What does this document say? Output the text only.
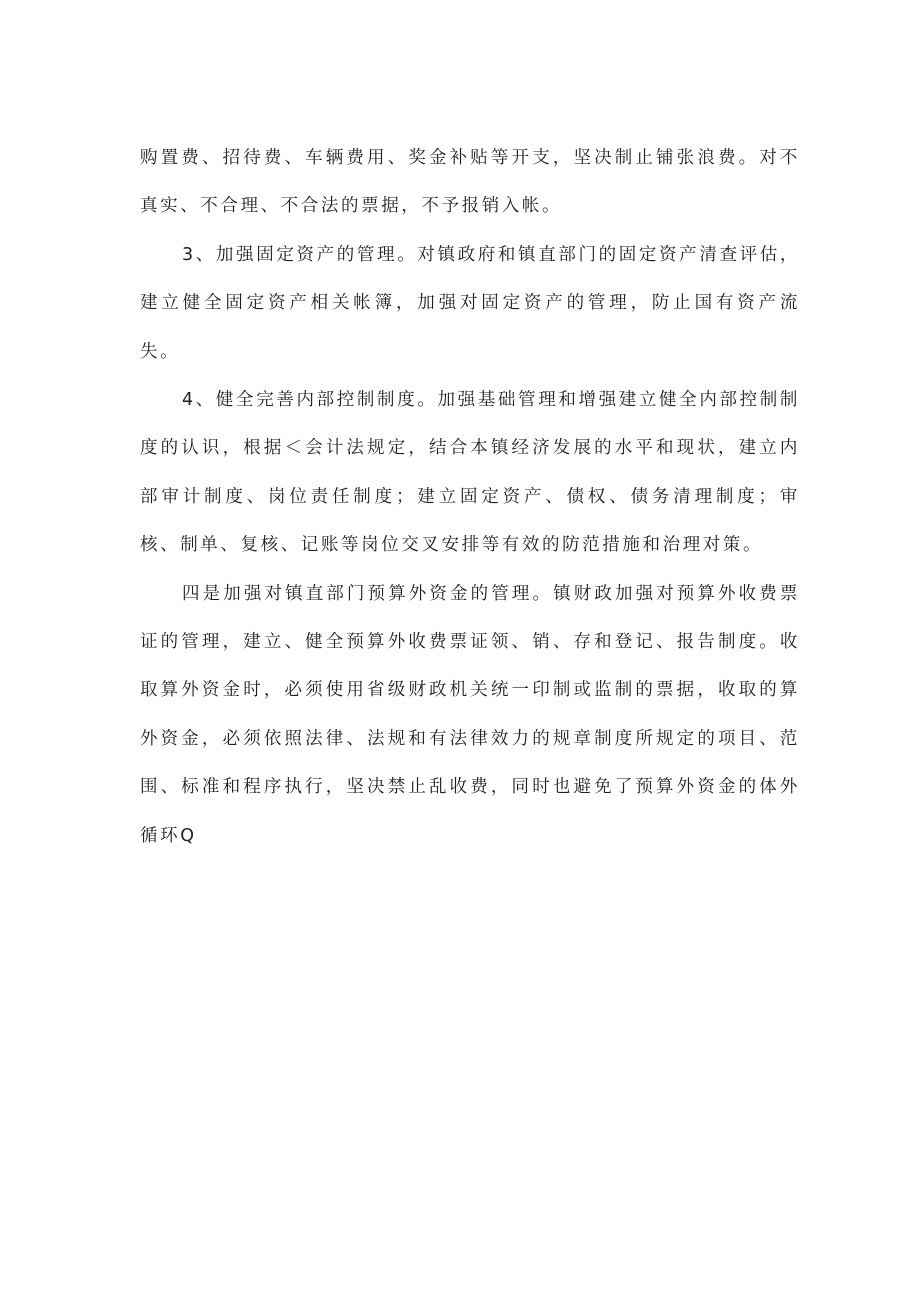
购置费、招待费、车辆费用、奖金补贴等开支，坚决制止铺张浪费。对不真实、不合理、不合法的票据，不予报销入帐。

3、加强固定资产的管理。对镇政府和镇直部门的固定资产清查评估，建立健全固定资产相关帐簿，加强对固定资产的管理，防止国有资产流失。

4、健全完善内部控制制度。加强基础管理和增强建立健全内部控制制度的认识，根据＜会计法规定，结合本镇经济发展的水平和现状，建立内部审计制度、岗位责任制度；建立固定资产、债权、债务清理制度；审核、制单、复核、记账等岗位交叉安排等有效的防范措施和治理对策。

四是加强对镇直部门预算外资金的管理。镇财政加强对预算外收费票证的管理，建立、健全预算外收费票证领、销、存和登记、报告制度。收取算外资金时，必须使用省级财政机关统一印制或监制的票据，收取的算外资金，必须依照法律、法规和有法律效力的规章制度所规定的项目、范围、标准和程序执行，坚决禁止乱收费，同时也避免了预算外资金的体外循环Q
